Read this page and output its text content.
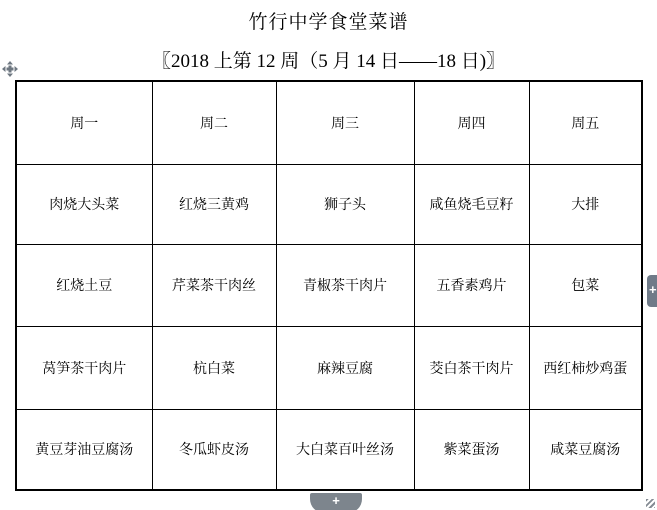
竹行中学食堂菜谱
〖2018 上第 12 周（5 月 14 日——18 日)〗
周一	周二	周三	周四	周五
肉烧大头菜	红烧三黄鸡	狮子头	咸鱼烧毛豆籽	大排
红烧土豆	芹菜茶干肉丝	青椒茶干肉片	五香素鸡片	包菜
莴笋茶干肉片	杭白菜	麻辣豆腐	茭白茶干肉片	西红柿炒鸡蛋
黄豆芽油豆腐汤	冬瓜虾皮汤	大白菜百叶丝汤	紫菜蛋汤	咸菜豆腐汤
+
+
